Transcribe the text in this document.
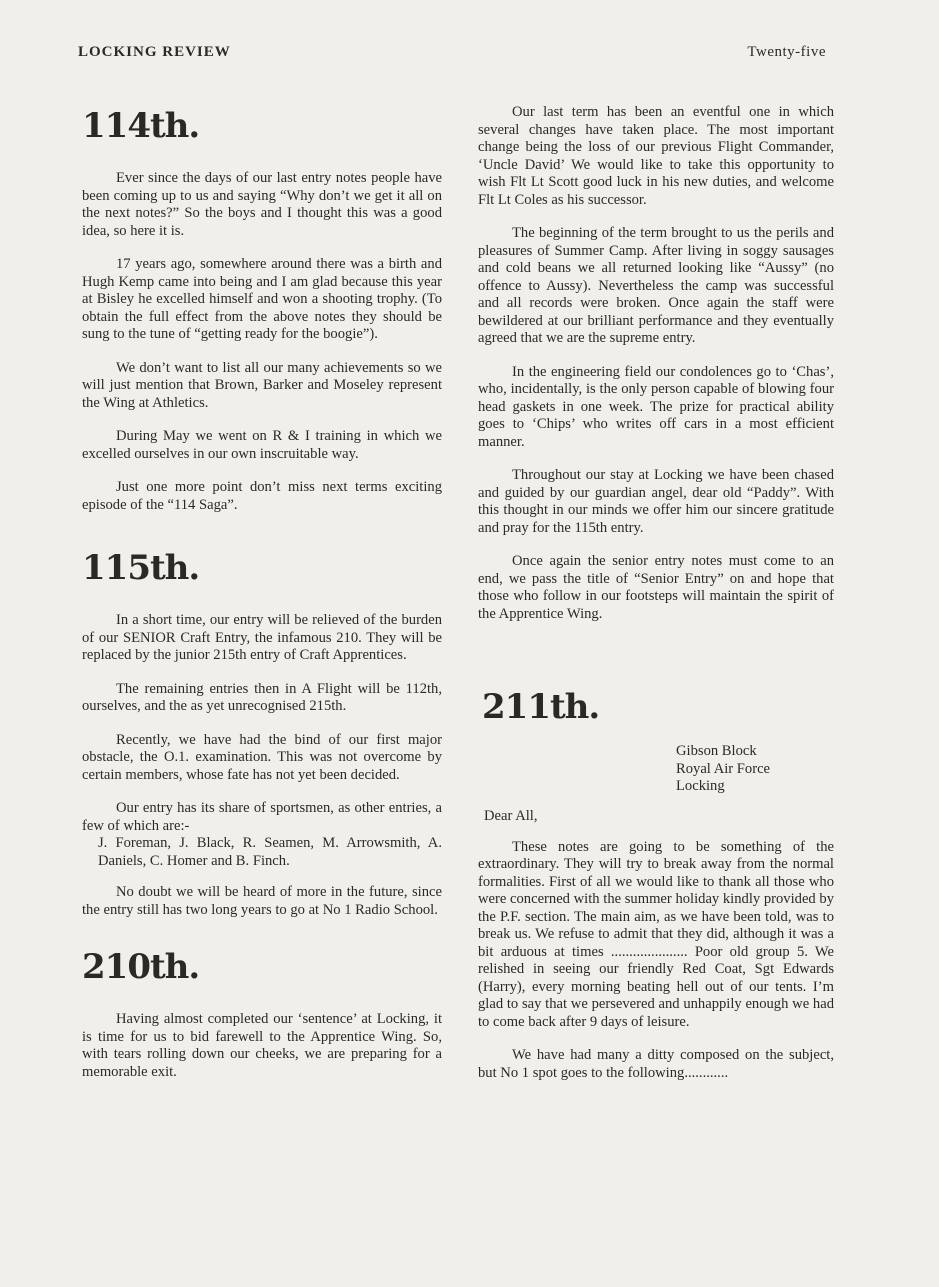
LOCKING REVIEW	Twenty-five
114th.

Ever since the days of our last entry notes people have been coming up to us and saying “Why don’t we get it all on the next notes?” So the boys and I thought this was a good idea, so here it is.

17 years ago, somewhere around there was a birth and Hugh Kemp came into being and I am glad because this year at Bisley he excelled himself and won a shooting trophy. (To obtain the full effect from the above notes they should be sung to the tune of “getting ready for the boogie”).

We don’t want to list all our many achievements so we will just mention that Brown, Barker and Moseley represent the Wing at Athletics.

During May we went on R & I training in which we excelled ourselves in our own inscruitable way.

Just one more point don’t miss next terms exciting episode of the “114 Saga”.

115th.

In a short time, our entry will be relieved of the burden of our SENIOR Craft Entry, the infamous 210. They will be replaced by the junior 215th entry of Craft Apprentices.

The remaining entries then in A Flight will be 112th, ourselves, and the as yet unrecognised 215th.

Recently, we have had the bind of our first major obstacle, the O.1. examination. This was not overcome by certain members, whose fate has not yet been decided.

Our entry has its share of sportsmen, as other entries, a few of which are:-

J. Foreman, J. Black, R. Seamen, M. Arrowsmith, A. Daniels, C. Homer and B. Finch.

No doubt we will be heard of more in the future, since the entry still has two long years to go at No 1 Radio School.

210th.

Having almost completed our ‘sentence’ at Locking, it is time for us to bid farewell to the Apprentice Wing. So, with tears rolling down our cheeks, we are preparing for a memorable exit.

Our last term has been an eventful one in which several changes have taken place. The most important change being the loss of our previous Flight Commander, ‘Uncle David’ We would like to take this opportunity to wish Flt Lt Scott good luck in his new duties, and welcome Flt Lt Coles as his successor.

The beginning of the term brought to us the perils and pleasures of Summer Camp. After living in soggy sausages and cold beans we all returned looking like “Aussy” (no offence to Aussy). Nevertheless the camp was successful and all records were broken. Once again the staff were bewildered at our brilliant performance and they eventually agreed that we are the supreme entry.

In the engineering field our condolences go to ‘Chas’, who, incidentally, is the only person capable of blowing four head gaskets in one week. The prize for practical ability goes to ‘Chips’ who writes off cars in a most efficient manner.

Throughout our stay at Locking we have been chased and guided by our guardian angel, dear old “Paddy”. With this thought in our minds we offer him our sincere gratitude and pray for the 115th entry.

Once again the senior entry notes must come to an end, we pass the title of “Senior Entry” on and hope that those who follow in our footsteps will maintain the spirit of the Apprentice Wing.

211th.
Gibson Block
Royal Air Force
Locking
Dear All,

These notes are going to be something of the extraordinary. They will try to break away from the normal formalities. First of all we would like to thank all those who were concerned with the summer holiday kindly provided by the P.F. section. The main aim, as we have been told, was to break us. We refuse to admit that they did, although it was a bit arduous at times ..................... Poor old group 5. We relished in seeing our friendly Red Coat, Sgt Edwards (Harry), every morning beating hell out of our tents. I’m glad to say that we persevered and unhappily enough we had to come back after 9 days of leisure.

We have had many a ditty composed on the subject, but No 1 spot goes to the following............
